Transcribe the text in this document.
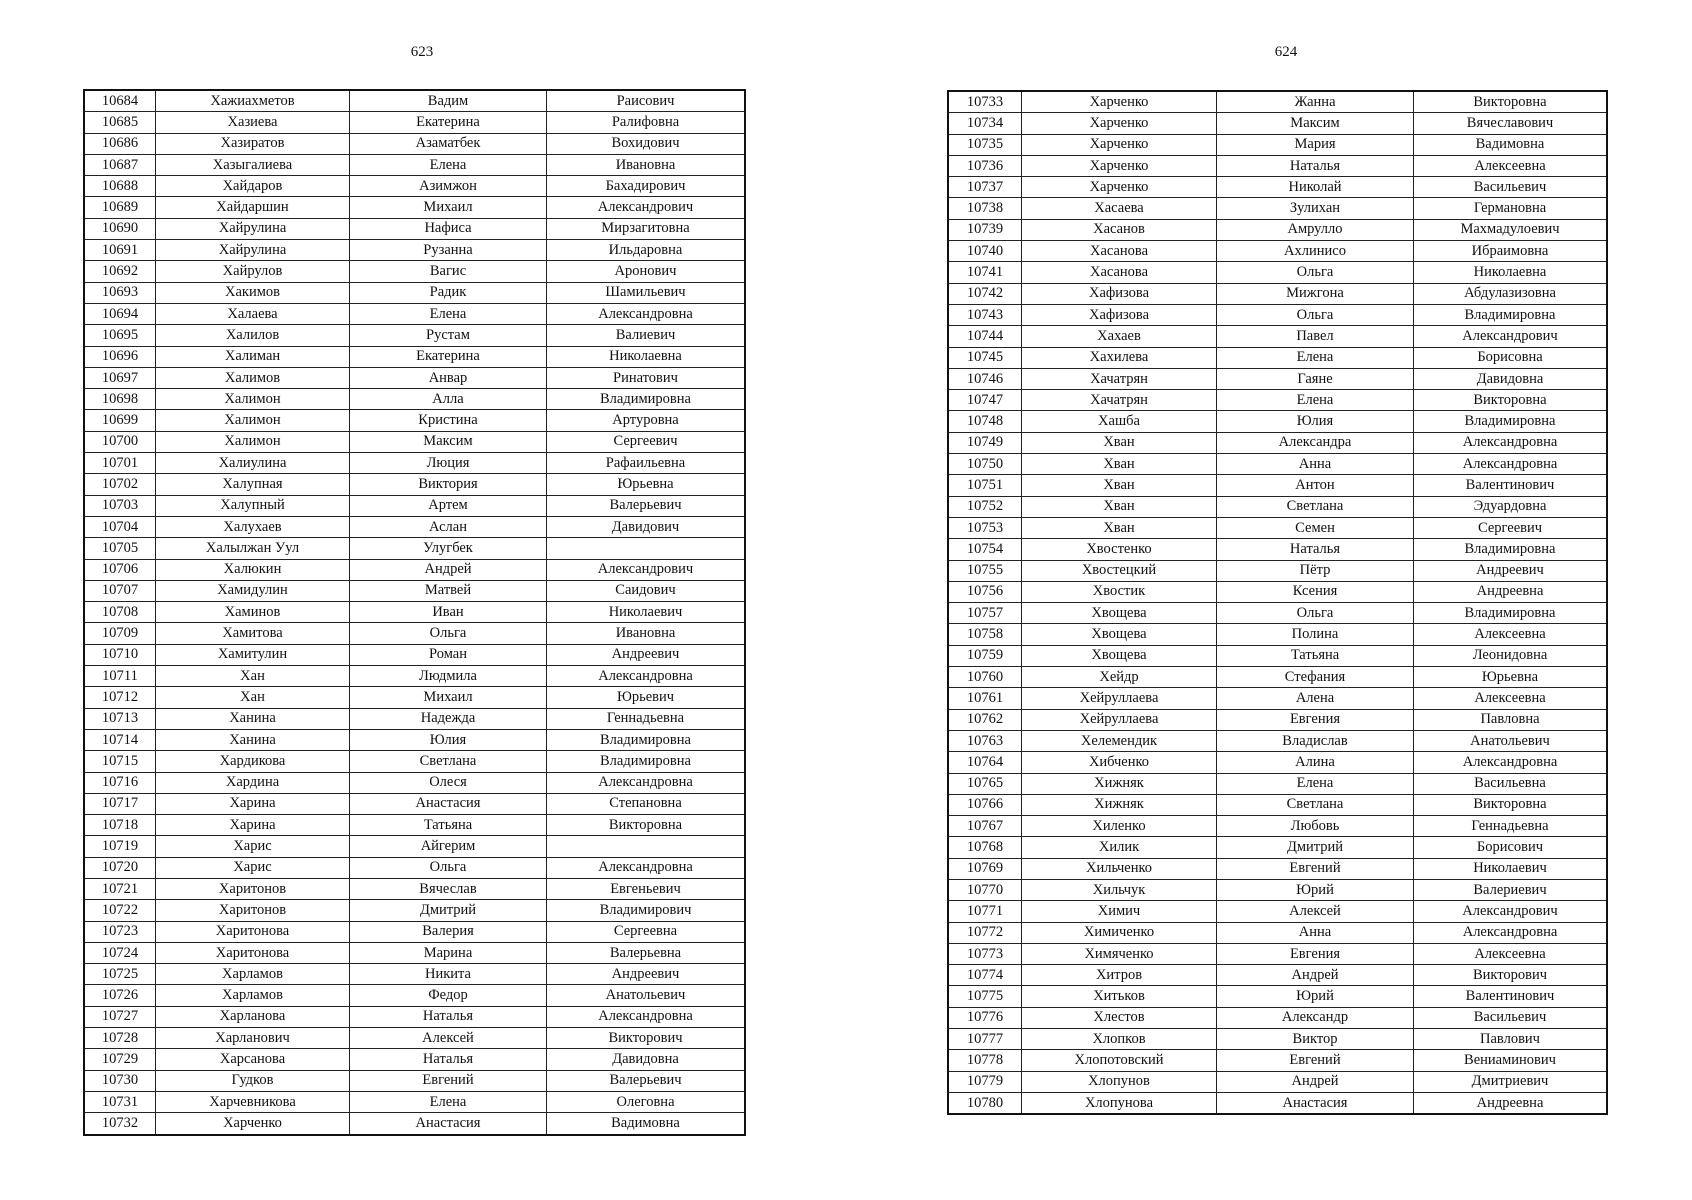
623	624
10684	Хажиахметов	Вадим	Раисович
10685	Хазиева	Екатерина	Ралифовна
10686	Хазиратов	Азаматбек	Вохидович
10687	Хазыгалиева	Елена	Ивановна
10688	Хайдаров	Азимжон	Бахадирович
10689	Хайдаршин	Михаил	Александрович
10690	Хайрулина	Нафиса	Мирзагитовна
10691	Хайрулина	Рузанна	Ильдаровна
10692	Хайрулов	Вагис	Аронович
10693	Хакимов	Радик	Шамильевич
10694	Халаева	Елена	Александровна
10695	Халилов	Рустам	Валиевич
10696	Халиман	Екатерина	Николаевна
10697	Халимов	Анвар	Ринатович
10698	Халимон	Алла	Владимировна
10699	Халимон	Кристина	Артуровна
10700	Халимон	Максим	Сергеевич
10701	Халиулина	Люция	Рафаильевна
10702	Халупная	Виктория	Юрьевна
10703	Халупный	Артем	Валерьевич
10704	Халухаев	Аслан	Давидович
10705	Халылжан Уул	Улугбек	
10706	Халюкин	Андрей	Александрович
10707	Хамидулин	Матвей	Саидович
10708	Хаминов	Иван	Николаевич
10709	Хамитова	Ольга	Ивановна
10710	Хамитулин	Роман	Андреевич
10711	Хан	Людмила	Александровна
10712	Хан	Михаил	Юрьевич
10713	Ханина	Надежда	Геннадьевна
10714	Ханина	Юлия	Владимировна
10715	Хардикова	Светлана	Владимировна
10716	Хардина	Олеся	Александровна
10717	Харина	Анастасия	Степановна
10718	Харина	Татьяна	Викторовна
10719	Харис	Айгерим	
10720	Харис	Ольга	Александровна
10721	Харитонов	Вячеслав	Евгеньевич
10722	Харитонов	Дмитрий	Владимирович
10723	Харитонова	Валерия	Сергеевна
10724	Харитонова	Марина	Валерьевна
10725	Харламов	Никита	Андреевич
10726	Харламов	Федор	Анатольевич
10727	Харланова	Наталья	Александровна
10728	Харланович	Алексей	Викторович
10729	Харсанова	Наталья	Давидовна
10730	Гудков	Евгений	Валерьевич
10731	Харчевникова	Елена	Олеговна
10732	Харченко	Анастасия	Вадимовна
10733	Харченко	Жанна	Викторовна
10734	Харченко	Максим	Вячеславович
10735	Харченко	Мария	Вадимовна
10736	Харченко	Наталья	Алексеевна
10737	Харченко	Николай	Васильевич
10738	Хасаева	Зулихан	Германовна
10739	Хасанов	Амрулло	Махмадулоевич
10740	Хасанова	Ахлинисо	Ибраимовна
10741	Хасанова	Ольга	Николаевна
10742	Хафизова	Мижгона	Абдулазизовна
10743	Хафизова	Ольга	Владимировна
10744	Хахаев	Павел	Александрович
10745	Хахилева	Елена	Борисовна
10746	Хачатрян	Гаяне	Давидовна
10747	Хачатрян	Елена	Викторовна
10748	Хашба	Юлия	Владимировна
10749	Хван	Александра	Александровна
10750	Хван	Анна	Александровна
10751	Хван	Антон	Валентинович
10752	Хван	Светлана	Эдуардовна
10753	Хван	Семен	Сергеевич
10754	Хвостенко	Наталья	Владимировна
10755	Хвостецкий	Пётр	Андреевич
10756	Хвостик	Ксения	Андреевна
10757	Хвощева	Ольга	Владимировна
10758	Хвощева	Полина	Алексеевна
10759	Хвощева	Татьяна	Леонидовна
10760	Хейдр	Стефания	Юрьевна
10761	Хейруллаева	Алена	Алексеевна
10762	Хейруллаева	Евгения	Павловна
10763	Хелемендик	Владислав	Анатольевич
10764	Хибченко	Алина	Александровна
10765	Хижняк	Елена	Васильевна
10766	Хижняк	Светлана	Викторовна
10767	Хиленко	Любовь	Геннадьевна
10768	Хилик	Дмитрий	Борисович
10769	Хильченко	Евгений	Николаевич
10770	Хильчук	Юрий	Валериевич
10771	Химич	Алексей	Александрович
10772	Химиченко	Анна	Александровна
10773	Химяченко	Евгения	Алексеевна
10774	Хитров	Андрей	Викторович
10775	Хитьков	Юрий	Валентинович
10776	Хлестов	Александр	Васильевич
10777	Хлопков	Виктор	Павлович
10778	Хлопотовский	Евгений	Вениаминович
10779	Хлопунов	Андрей	Дмитриевич
10780	Хлопунова	Анастасия	Андреевна
